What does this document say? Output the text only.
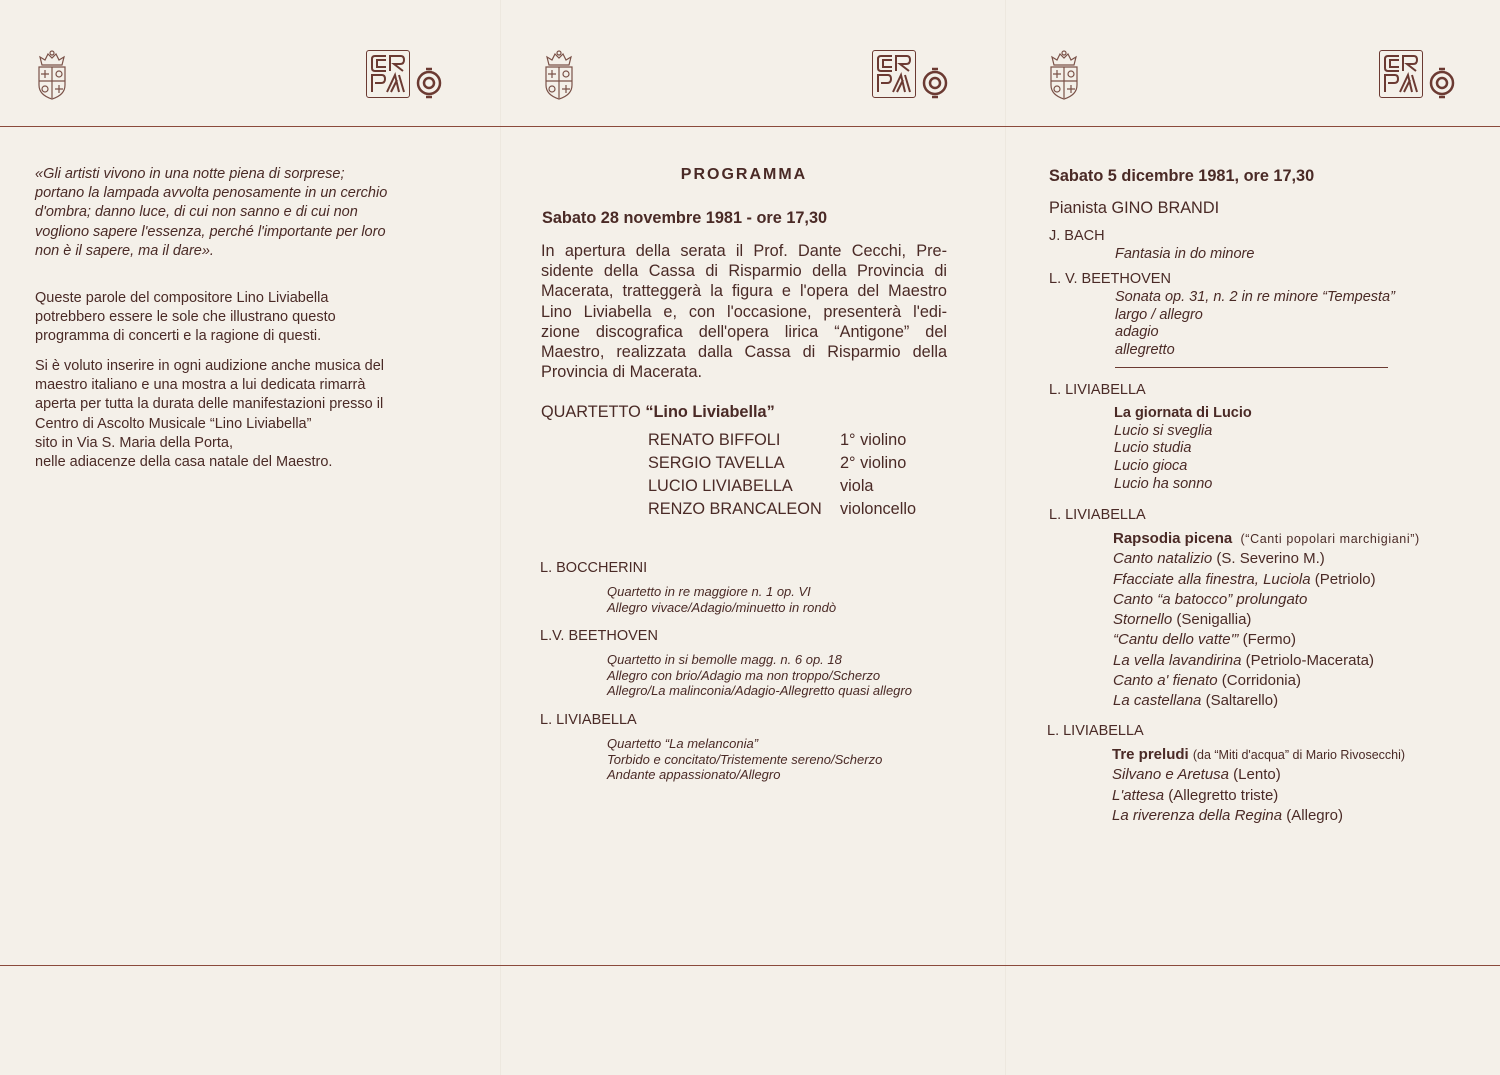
«Gli artisti vivono in una notte piena di sorprese;
portano la lampada avvolta penosamente in un cerchio
d'ombra; danno luce, di cui non sanno e di cui non
vogliono sapere l'essenza, perché l'importante per loro
non è il sapere, ma il dare».
Queste parole del compositore Lino Liviabella
potrebbero essere le sole che illustrano questo
programma di concerti e la ragione di questi.
Si è voluto inserire in ogni audizione anche musica del
maestro italiano e una mostra a lui dedicata rimarrà
aperta per tutta la durata delle manifestazioni presso il
Centro di Ascolto Musicale “Lino Liviabella”
sito in Via S. Maria della Porta,
nelle adiacenze della casa natale del Maestro.
PROGRAMMA
Sabato 28 novembre 1981 - ore 17,30
In apertura della serata il Prof. Dante Cecchi, Pre-
sidente della Cassa di Risparmio della Provincia di
Macerata, tratteggerà la figura e l'opera del Maestro
Lino Liviabella e, con l'occasione, presenterà l'edi-
zione discografica dell'opera lirica “Antigone” del
Maestro, realizzata dalla Cassa di Risparmio della
Provincia di Macerata.
QUARTETTO “Lino Liviabella”
RENATO BIFFOLI	1° violino
SERGIO TAVELLA	2° violino
LUCIO LIVIABELLA	viola
RENZO BRANCALEON violoncello
L. BOCCHERINI
Quartetto in re maggiore n. 1 op. VI
Allegro vivace/Adagio/minuetto in rondò
L.V. BEETHOVEN
Quartetto in si bemolle magg. n. 6 op. 18
Allegro con brio/Adagio ma non troppo/Scherzo
Allegro/La malinconia/Adagio-Allegretto quasi allegro
L. LIVIABELLA
Quartetto “La melanconia”
Torbido e concitato/Tristemente sereno/Scherzo
Andante appassionato/Allegro
Sabato 5 dicembre 1981, ore 17,30
Pianista GINO BRANDI
J. BACH
Fantasia in do minore
L. V. BEETHOVEN
Sonata op. 31, n. 2 in re minore “Tempesta”
largo / allegro
adagio
allegretto
L. LIVIABELLA
La giornata di Lucio
Lucio si sveglia
Lucio studia
Lucio gioca
Lucio ha sonno
L. LIVIABELLA
Rapsodia picena (“Canti popolari marchigiani”)
Canto natalizio (S. Severino M.)
Ffacciate alla finestra, Luciola (Petriolo)
Canto “a batocco” prolungato
Stornello (Senigallia)
“Cantu dello vatte'” (Fermo)
La vella lavandirina (Petriolo-Macerata)
Canto a' fienato (Corridonia)
La castellana (Saltarello)
L. LIVIABELLA
Tre preludi (da “Miti d'acqua” di Mario Rivosecchi)
Silvano e Aretusa (Lento)
L'attesa (Allegretto triste)
La riverenza della Regina (Allegro)
